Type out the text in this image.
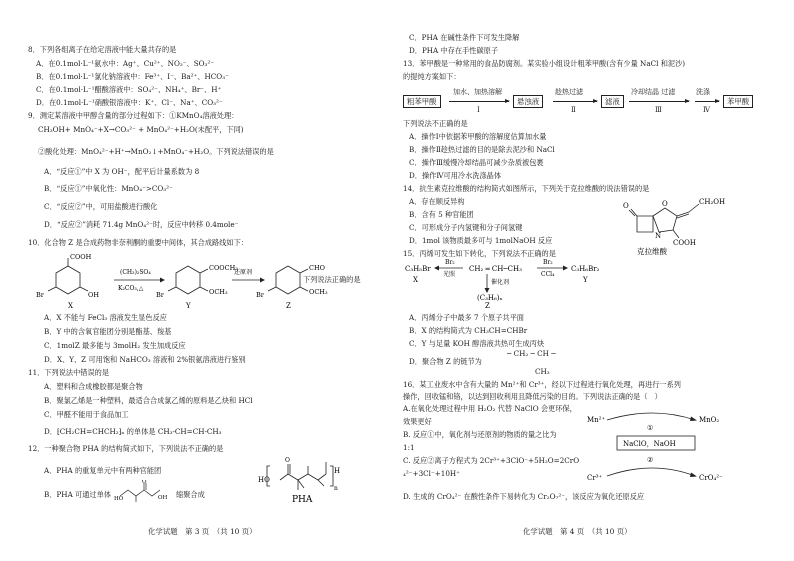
8．下列各组离子在给定溶液中能大量共存的是
A．在0.1mol·L⁻¹氨水中：Ag⁺、Cu²⁺、NO₃⁻、SO₃²⁻
B．在0.1mol·L⁻¹氯化钠溶液中：Fe³⁺、I⁻、Ba²⁺、HCO₃⁻
C．在0.1mol·L⁻¹醋酸溶液中：SO₄²⁻、NH₄⁺、Br⁻、H⁺
D．在0.1mol·L⁻¹硝酸银溶液中：K⁺、Cl⁻、Na⁺、CO₃²⁻
9．测定某溶液中甲醇含量的部分过程如下：①KMnO₄溶液处理：
CH₃OH+ MnO₄⁻+X→CO₃²⁻ + MnO₄²⁻+H₂O(未配平，下同)
②酸化处理：MnO₄²⁻+H⁺→MnO₂↓+MnO₄⁻+H₂O。下列说法错误的是
A．“反应①”中 X 为 OH⁻，配平后计量系数为 8
B．“反应①”中氧化性：MnO₄⁻>CO₃²⁻
C．“反应②”中，可用盐酸进行酸化
D．“反应②”消耗 71.4g MnO₄²⁻时，反应中转移 0.4mole⁻
10．化合物 Z 是合成药物非奈利酮的重要中间体，其合成路线如下：
COOH
OH
Br
X
(CH₃)₂SO₄
K₂CO₃,△
COOCH₃
OCH₃
Br
Y
还原剂
CHO
OCH₃
Br
Z
下列说法正确的是
A．X 不能与 FeCl₃ 溶液发生显色反应
B．Y 中的含氧官能团分别是酯基、羧基
C．1molZ 最多能与 3molH₂ 发生加成反应
D．X、Y、Z 可用饱和 NaHCO₃ 溶液和 2%银氨溶液进行鉴别
11．下列说法中错误的是
A．塑料和合成橡胶都是聚合物
B．聚氯乙烯是一种塑料，最适合合成氯乙烯的原料是乙炔和 HCl
C．甲醛不能用于食品加工
D．⁅CH₂CH=CHCH₂⁆ₙ 的单体是 CH₃-CH=CH-CH₃
12．一种聚合物 PHA 的结构简式如下，下列说法不正确的是
A．PHA 的重复单元中有两种官能团
B．PHA 可通过单体 HO	OH
O
缩聚合成
O
HO
H
n
PHA
化学试题　第 3 页　（共 10 页）
C．PHA 在碱性条件下可发生降解
D．PHA 中存在手性碳原子
13．苯甲酸是一种常用的食品防腐剂。某实验小组设计粗苯甲酸(含有少量 NaCl 和泥沙)
的提纯方案如下：
粗苯甲酸
加水、加热溶解
Ⅰ
悬浊液
趁热过滤
Ⅱ
滤液
冷却结晶 过滤
Ⅲ
洗涤
Ⅳ
苯甲酸
下列说法不正确的是
A．操作Ⅰ中依据苯甲酸的溶解度估算加水量
B．操作Ⅱ趁热过滤的目的是除去泥沙和 NaCl
C．操作Ⅲ缓慢冷却结晶可减少杂质被包裹
D．操作Ⅳ可用冷水洗涤晶体
14．抗生素克拉维酸的结构简式如图所示，下列关于克拉维酸的说法错误的是
A．存在顺反异构
B．含有 5 种官能团
C．可形成分子内氢键和分子间氢键
D．1mol 该物质最多可与 1molNaOH 反应
O
N
O	CH₂OH
COOH
克拉维酸
15．丙烯可发生如下转化，下列说法不正确的是
C₃H₅Br
X
Br₂
光照
CH₂ ═ CH─CH₃
Br₂
CCl₄
C₃H₆Br₂
Y
催化剂
(C₃H₆)ₙ
Z
A．丙烯分子中最多 7 个原子共平面
B．X 的结构简式为 CH₃CH=CHBr
C．Y 与足量 KOH 醇溶液共热可生成丙炔
D．聚合物 Z 的链节为
─ CH₂ ─ CH ─
CH₃
16．某工业废水中含有大量的 Mn²⁺和 Cr³⁺，经以下过程进行氧化处理，再进行一系列
操作，回收锰和铬，以达到回收利用且降低污染的目的。下列说法正确的是（　）
A.在氧化处理过程中用 H₂O₂ 代替 NaClO 会更环保，
效果更好
B. 反应①中，氧化剂与还原剂的物质的量之比为
1:1
C. 反应②离子方程式为 2Cr³⁺+3ClO⁻+5H₂O=2CrO
₄²⁻+3Cl⁻+10H⁺
D. 生成的 CrO₄²⁻ 在酸性条件下易转化为 Cr₂O₇²⁻，该反应为氧化还原反应
Mn²⁺	MnO₂
①
NaClO，NaOH
②
Cr³⁺	CrO₄²⁻
化学试题　第 4 页　（共 10 页）
